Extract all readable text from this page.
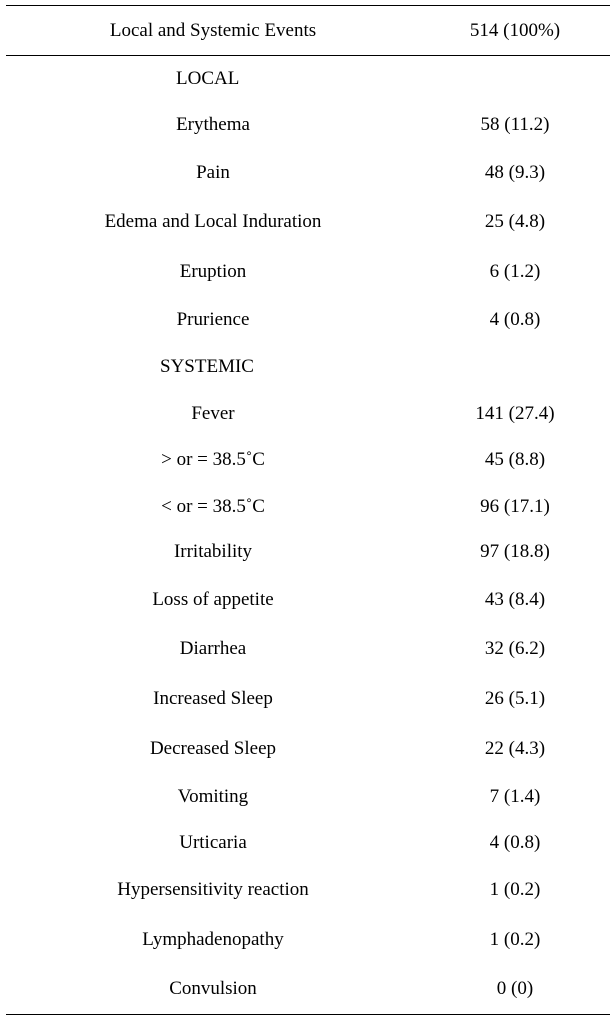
Local and Systemic Events	514 (100%)
LOCAL
Erythema	58 (11.2)
Pain	48 (9.3)
Edema and Local Induration	25 (4.8)
Eruption	6 (1.2)
Prurience	4 (0.8)
SYSTEMIC
Fever	141 (27.4)
> or = 38.5˚C	45 (8.8)
< or = 38.5˚C	96 (17.1)
Irritability	97 (18.8)
Loss of appetite	43 (8.4)
Diarrhea	32 (6.2)
Increased Sleep	26 (5.1)
Decreased Sleep	22 (4.3)
Vomiting	7 (1.4)
Urticaria	4 (0.8)
Hypersensitivity reaction	1 (0.2)
Lymphadenopathy	1 (0.2)
Convulsion	0 (0)
